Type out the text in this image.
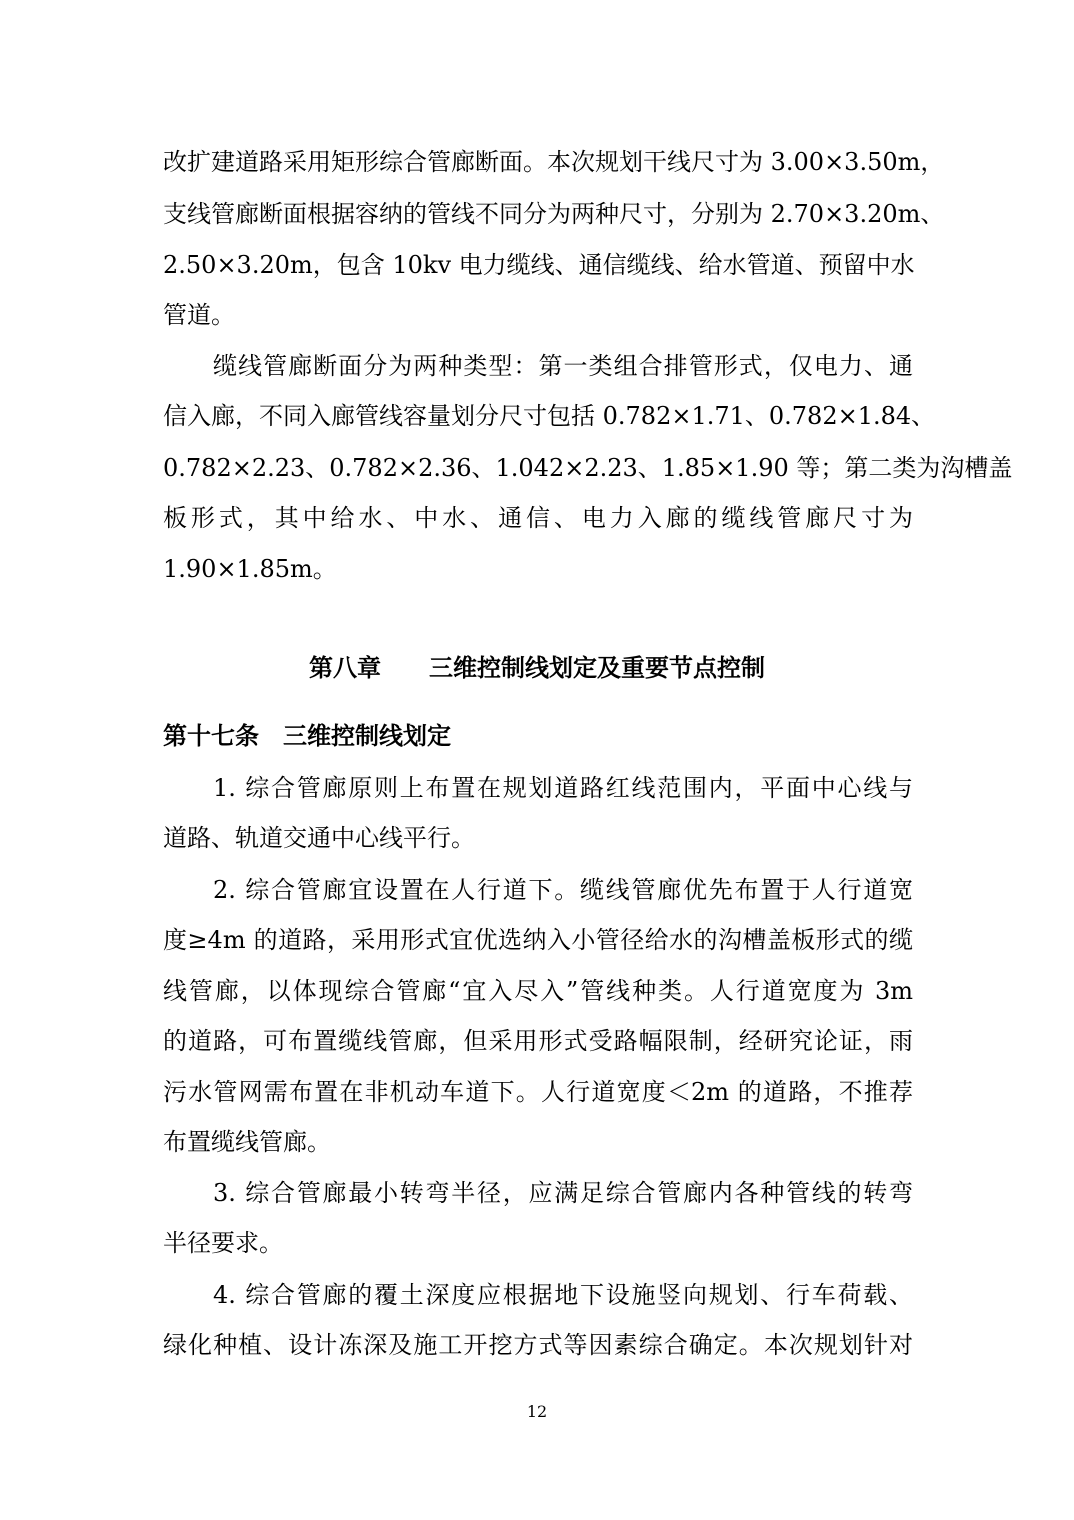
改扩建道路采用矩形综合管廊断面。本次规划干线尺寸为 3.00×3.50m，
支线管廊断面根据容纳的管线不同分为两种尺寸，分别为 2.70×3.20m、
2.50×3.20m，包含 10kv 电力缆线、通信缆线、给水管道、预留中水
管道。
缆线管廊断面分为两种类型：第一类组合排管形式，仅电力、通
信入廊，不同入廊管线容量划分尺寸包括 0.782×1.71、0.782×1.84、
0.782×2.23、0.782×2.36、1.042×2.23、1.85×1.90 等；第二类为沟槽盖
板形式，其中给水、中水、通信、电力入廊的缆线管廊尺寸为
1.90×1.85m。
第八章　　三维控制线划定及重要节点控制
第十七条　三维控制线划定
1. 综合管廊原则上布置在规划道路红线范围内，平面中心线与
道路、轨道交通中心线平行。
2. 综合管廊宜设置在人行道下。缆线管廊优先布置于人行道宽
度≥4m 的道路，采用形式宜优选纳入小管径给水的沟槽盖板形式的缆
线管廊，以体现综合管廊“宜入尽入”管线种类。人行道宽度为 3m
的道路，可布置缆线管廊，但采用形式受路幅限制，经研究论证，雨
污水管网需布置在非机动车道下。人行道宽度＜2m 的道路，不推荐
布置缆线管廊。
3. 综合管廊最小转弯半径，应满足综合管廊内各种管线的转弯
半径要求。
4. 综合管廊的覆土深度应根据地下设施竖向规划、行车荷载、
绿化种植、设计冻深及施工开挖方式等因素综合确定。本次规划针对
12
